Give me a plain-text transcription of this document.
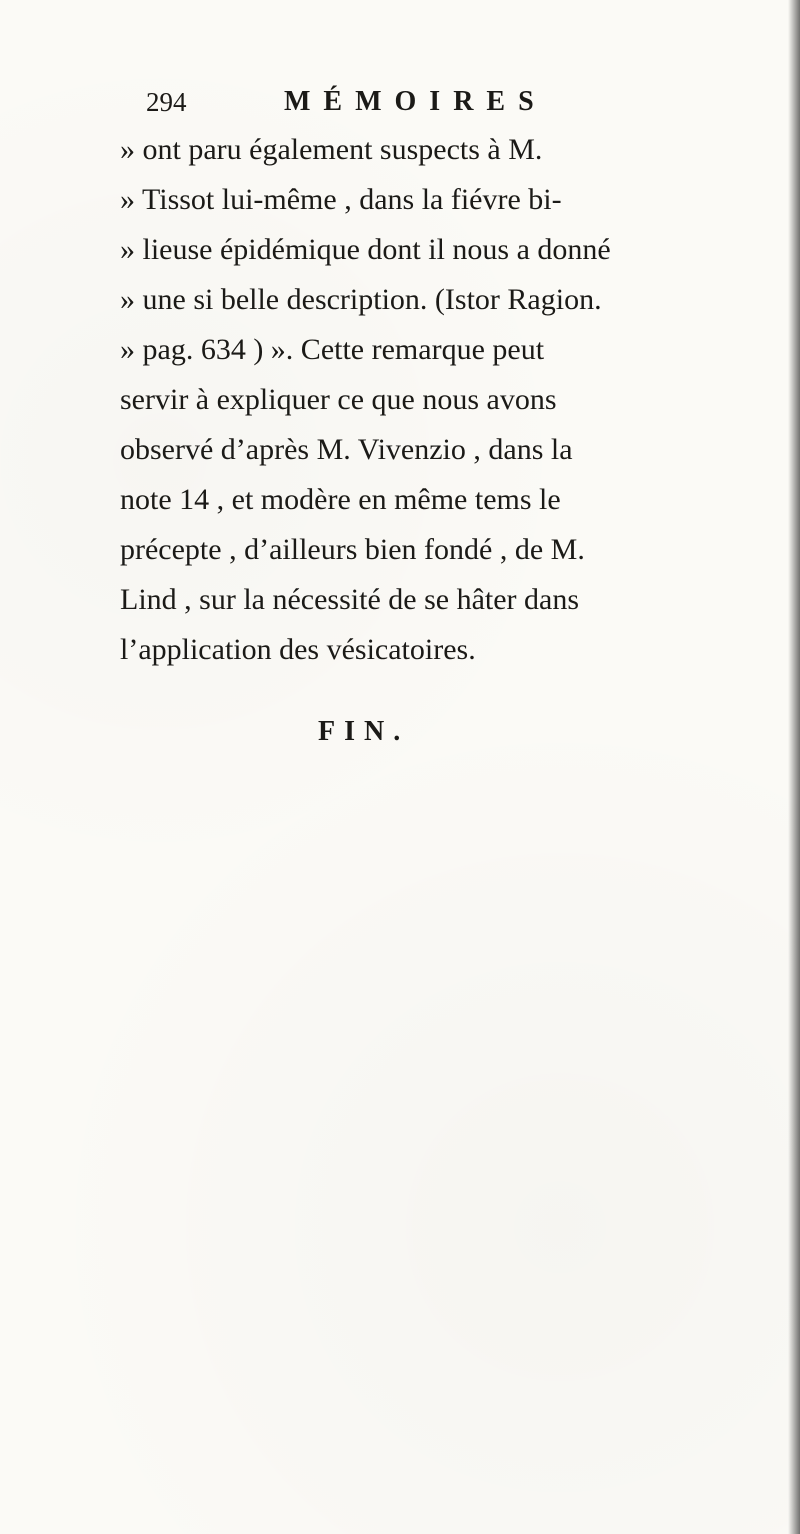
294	MÉMOIRES
» ont paru également suspects à M.
» Tissot lui-même , dans la fiévre bi-
» lieuse épidémique dont il nous a donné
» une si belle description. (Istor Ragion.
» pag. 634 ) ». Cette remarque peut
servir à expliquer ce que nous avons
observé d’après M. Vivenzio , dans la
note 14 , et modère en même tems le
précepte , d’ailleurs bien fondé , de M.
Lind , sur la nécessité de se hâter dans
l’application des vésicatoires.
FIN.
